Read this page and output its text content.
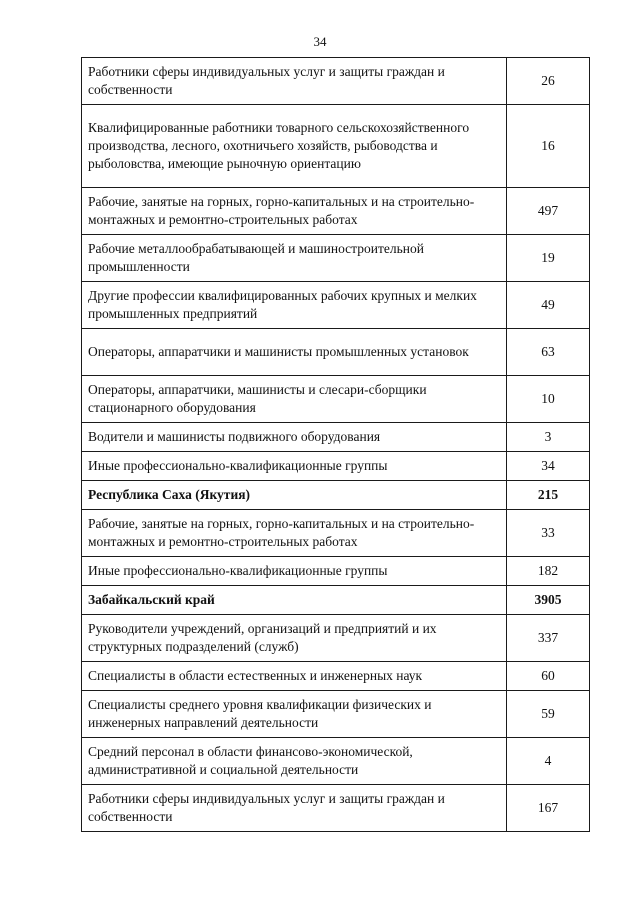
34
Работники сферы индивидуальных услуг и защиты граждан и собственности	26
Квалифицированные работники товарного сельскохозяйственного производства, лесного, охотничьего хозяйств, рыбоводства и рыболовства, имеющие рыночную ориентацию	16
Рабочие, занятые на горных, горно-капитальных и на строительно-монтажных и ремонтно-строительных работах	497
Рабочие металлообрабатывающей и машиностроительной промышленности	19
Другие профессии квалифицированных рабочих крупных и мелких промышленных предприятий	49
Операторы, аппаратчики и машинисты промышленных установок	63
Операторы, аппаратчики, машинисты и слесари-сборщики стационарного оборудования	10
Водители и машинисты подвижного оборудования	3
Иные профессионально-квалификационные группы	34
Республика Саха (Якутия)	215
Рабочие, занятые на горных, горно-капитальных и на строительно-монтажных и ремонтно-строительных работах	33
Иные профессионально-квалификационные группы	182
Забайкальский край	3905
Руководители учреждений, организаций и предприятий и их структурных подразделений (служб)	337
Специалисты в области естественных и инженерных наук	60
Специалисты среднего уровня квалификации физических и инженерных направлений деятельности	59
Средний персонал в области финансово-экономической, административной и социальной деятельности	4
Работники сферы индивидуальных услуг и защиты граждан и собственности	167
